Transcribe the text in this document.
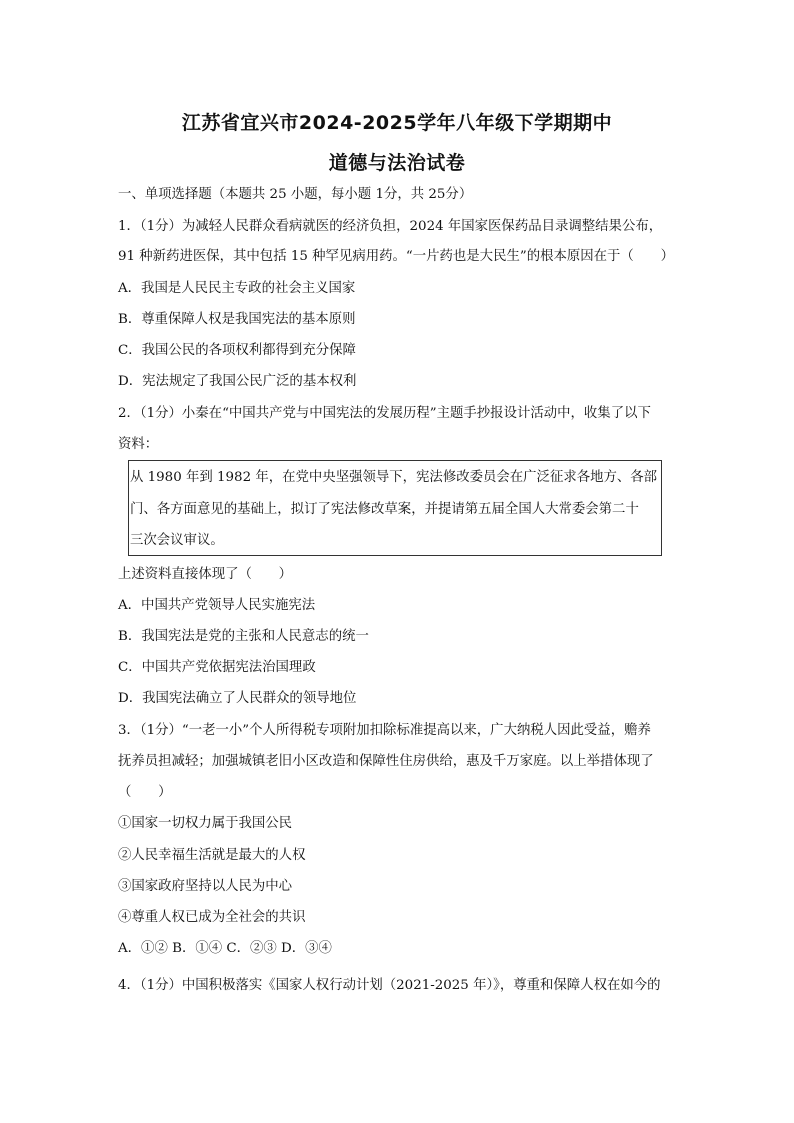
江苏省宜兴市2024-2025学年八年级下学期期中
道德与法治试卷
一、单项选择题（本题共 25 小题，每小题 1分，共 25分）
1．（1分）为减轻人民群众看病就医的经济负担，2024 年国家医保药品目录调整结果公布，
91 种新药进医保，其中包括 15 种罕见病用药。“一片药也是大民生”的根本原因在于（　　）
A．我国是人民民主专政的社会主义国家
B．尊重保障人权是我国宪法的基本原则
C．我国公民的各项权利都得到充分保障
D．宪法规定了我国公民广泛的基本权利
2．（1分）小秦在“中国共产党与中国宪法的发展历程”主题手抄报设计活动中，收集了以下
资料：
从 1980 年到 1982 年，在党中央坚强领导下，宪法修改委员会在广泛征求各地方、各部
门、各方面意见的基础上，拟订了宪法修改草案，并提请第五届全国人大常委会第二十
三次会议审议。
上述资料直接体现了（　　）
A．中国共产党领导人民实施宪法
B．我国宪法是党的主张和人民意志的统一
C．中国共产党依据宪法治国理政
D．我国宪法确立了人民群众的领导地位
3．（1分）“一老一小”个人所得税专项附加扣除标准提高以来，广大纳税人因此受益，赡养
抚养员担减轻；加强城镇老旧小区改造和保障性住房供给，惠及千万家庭。以上举措体现了
（　　）
①国家一切权力属于我国公民
②人民幸福生活就是最大的人权
③国家政府坚持以人民为中心
④尊重人权已成为全社会的共识
A．①② B．①④ C．②③ D．③④
4．（1分）中国积极落实《国家人权行动计划（2021-2025 年）》，尊重和保障人权在如今的
